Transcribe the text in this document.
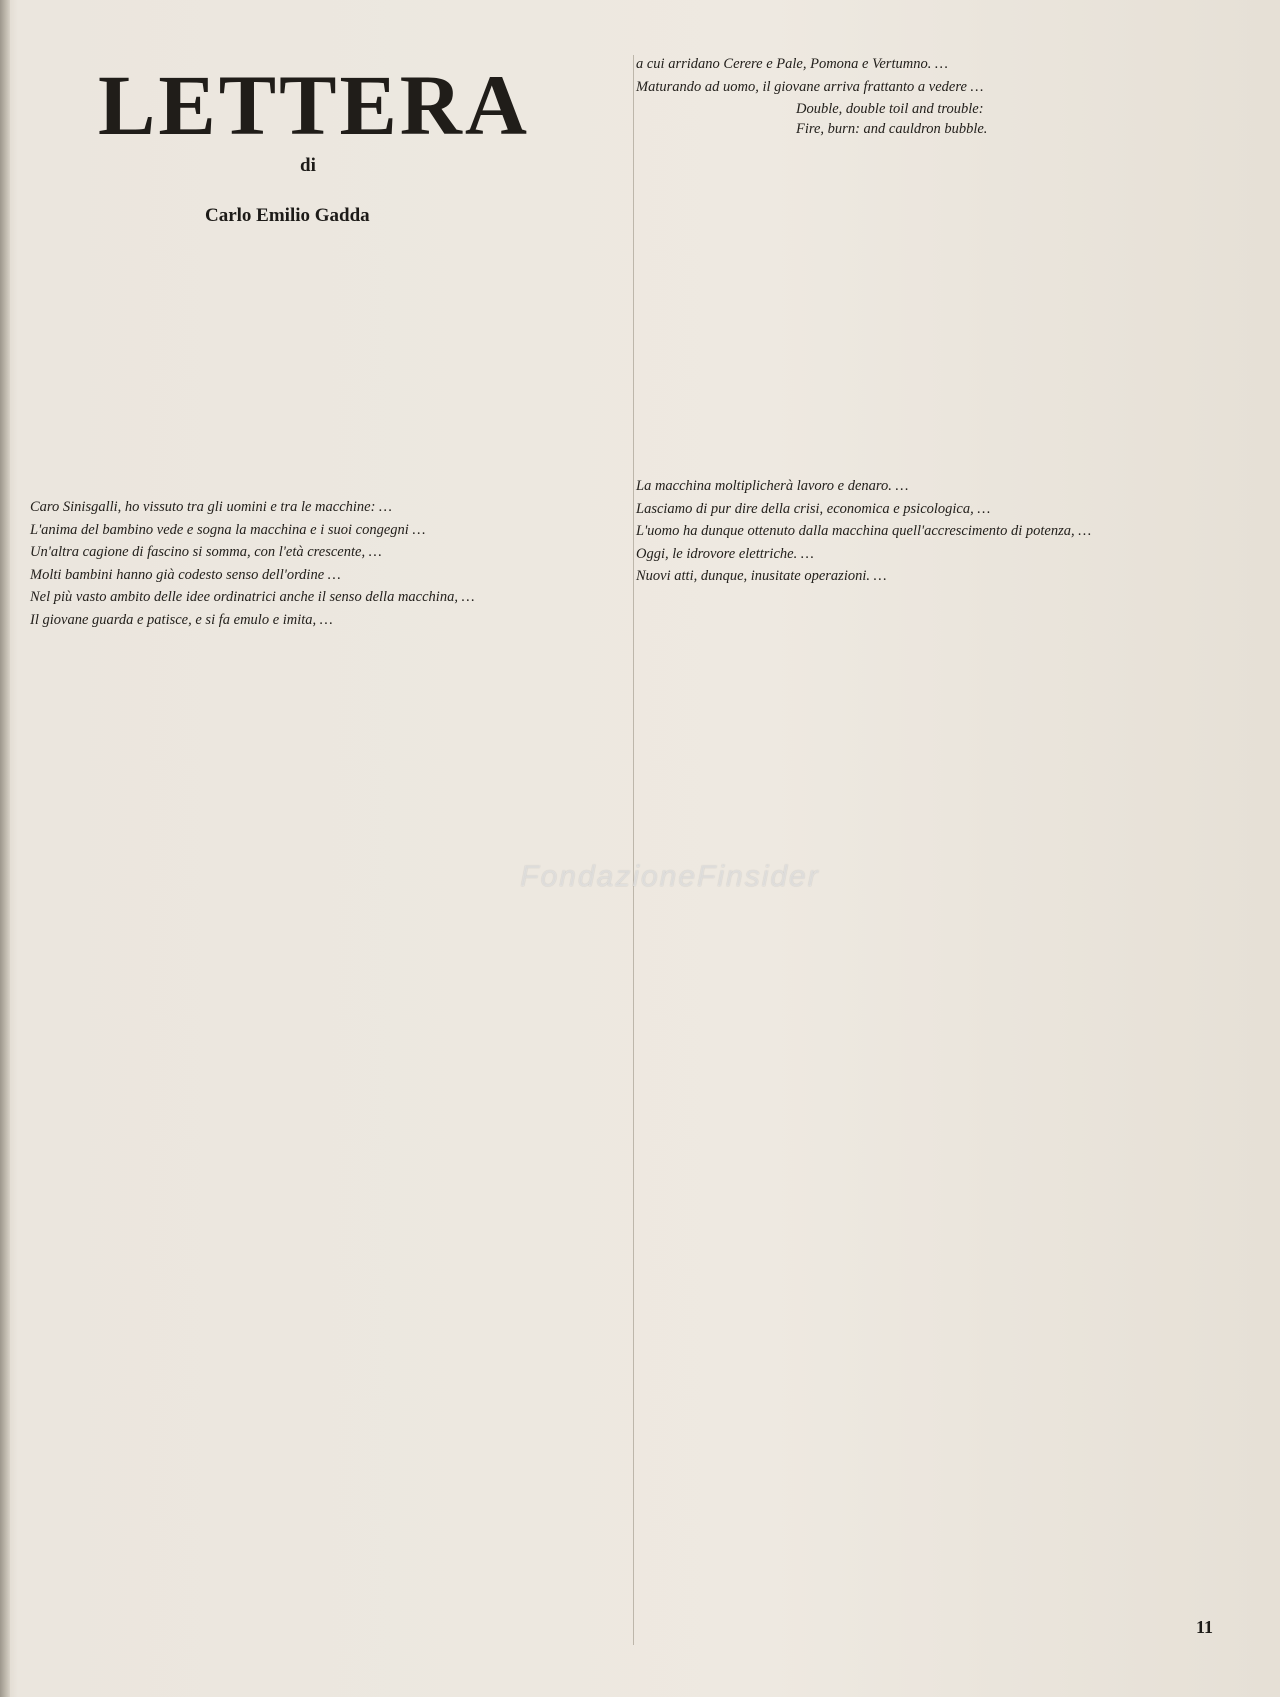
LETTERA
di
Carlo Emilio Gadda

Caro Sinisgalli, ho vissuto tra gli uomini e tra le macchine: …

L'anima del bambino vede e sogna la macchina e i suoi congegni …

Un'altra cagione di fascino si somma, con l'età crescente, …

Molti bambini hanno già codesto senso dell'ordine …

Nel più vasto ambito delle idee ordinatrici anche il senso della macchina, …

Il giovane guarda e patisce, e si fa emulo e imita, …

a cui arridano Cerere e Pale, Pomona e Vertumno. …

Maturando ad uomo, il giovane arriva frattanto a vedere …

Double, double toil and trouble:
Fire, burn: and cauldron bubble.

La macchina moltiplicherà lavoro e denaro. …

Lasciamo di pur dire della crisi, economica e psicologica, …

L'uomo ha dunque ottenuto dalla macchina quell'accrescimento di potenza, …

Oggi, le idrovore elettriche. …

Nuovi atti, dunque, inusitate operazioni. …

FondazioneFinsider
11
